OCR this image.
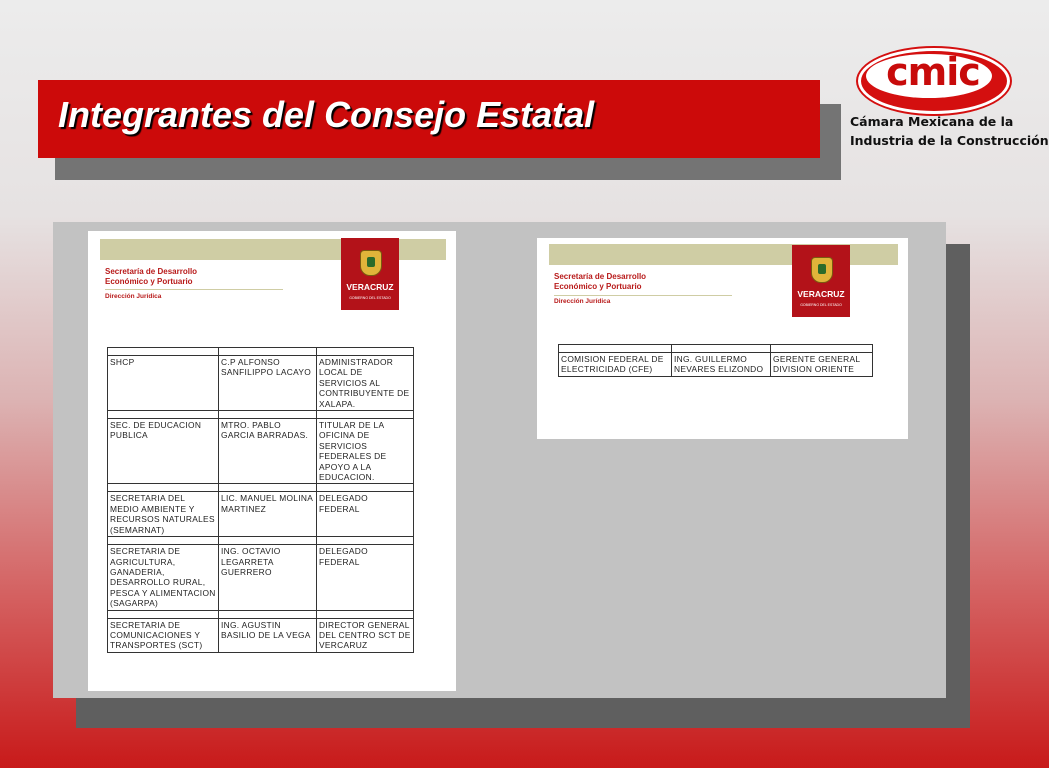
Integrantes del Consejo Estatal
cmic
Cámara Mexicana de la
Industria de la Construcción
Secretaría de Desarrollo
Económico y Portuario
Dirección Jurídica
VERACRUZ
GOBIERNO DEL ESTADO

SHCP	C.P ALFONSO SANFILIPPO LACAYO	ADMINISTRADOR LOCAL DE SERVICIOS AL CONTRIBUYENTE DE XALAPA.

SEC. DE EDUCACION PUBLICA	MTRO. PABLO GARCIA BARRADAS.	TITULAR DE LA OFICINA DE SERVICIOS FEDERALES DE APOYO A LA EDUCACION.

SECRETARIA DEL MEDIO AMBIENTE Y RECURSOS NATURALES (SEMARNAT)	LIC. MANUEL MOLINA MARTINEZ	DELEGADO FEDERAL

SECRETARIA DE AGRICULTURA, GANADERIA, DESARROLLO RURAL, PESCA Y ALIMENTACION (SAGARPA)	ING. OCTAVIO LEGARRETA GUERRERO	DELEGADO FEDERAL

SECRETARIA DE COMUNICACIONES Y TRANSPORTES (SCT)	ING. AGUSTIN BASILIO DE LA VEGA	DIRECTOR GENERAL DEL CENTRO SCT DE VERCARUZ
Secretaría de Desarrollo
Económico y Portuario
Dirección Jurídica
VERACRUZ
GOBIERNO DEL ESTADO

COMISION FEDERAL DE ELECTRICIDAD (CFE)	ING. GUILLERMO NEVARES ELIZONDO	GERENTE GENERAL DIVISION ORIENTE
